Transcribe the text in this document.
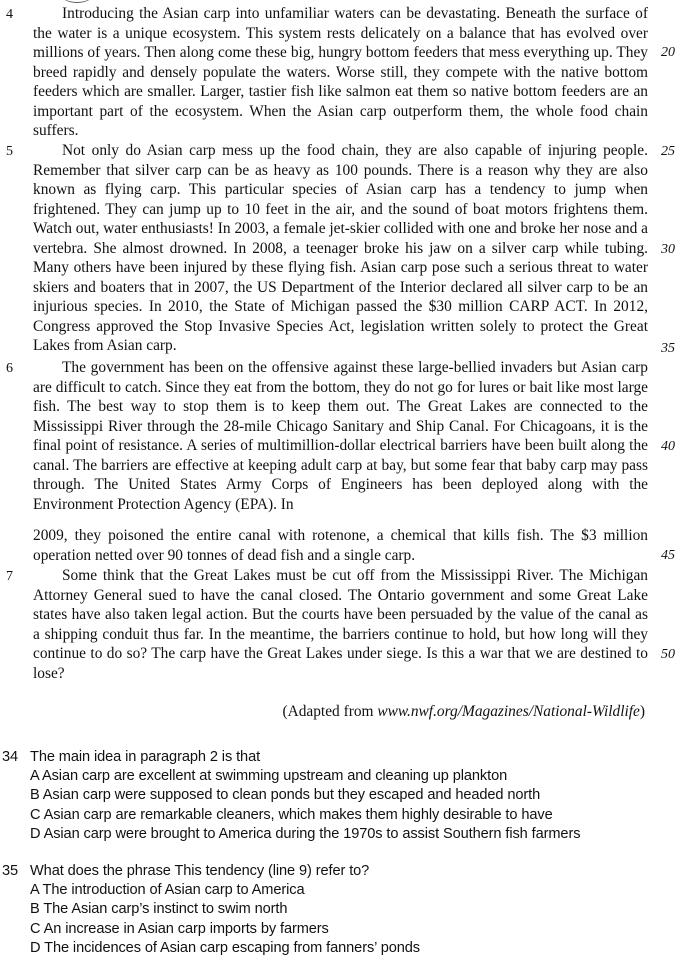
4	Introducing the Asian carp into unfamiliar waters can be devastating. Beneath the surface of the water is a unique ecosystem. This system rests delicately on a balance that has evolved over millions of years. Then along come these big, hungry bottom feeders that mess everything up. They breed rapidly and densely populate the waters. Worse still, they compete with the native bottom feeders which are smaller. Larger, tastier fish like salmon eat them so native bottom feeders are an important part of the ecosystem. When the Asian carp outperform them, the whole food chain suffers.

5	Not only do Asian carp mess up the food chain, they are also capable of injuring people. Remember that silver carp can be as heavy as 100 pounds. There is a reason why they are also known as flying carp. This particular species of Asian carp has a tendency to jump when frightened. They can jump up to 10 feet in the air, and the sound of boat motors frightens them. Watch out, water enthusiasts! In 2003, a female jet-skier collided with one and broke her nose and a vertebra. She almost drowned. In 2008, a teenager broke his jaw on a silver carp while tubing. Many others have been injured by these flying fish. Asian carp pose such a serious threat to water skiers and boaters that in 2007, the US Department of the Interior declared all silver carp to be an injurious species. In 2010, the State of Michigan passed the $30 million CARP ACT. In 2012, Congress approved the Stop Invasive Species Act, legislation written solely to protect the Great Lakes from Asian carp.

6	The government has been on the offensive against these large-bellied invaders but Asian carp are difficult to catch. Since they eat from the bottom, they do not go for lures or bait like most large fish. The best way to stop them is to keep them out. The Great Lakes are connected to the Mississippi River through the 28-mile Chicago Sanitary and Ship Canal. For Chicagoans, it is the final point of resistance. A series of multimillion-dollar electrical barriers have been built along the canal. The barriers are effective at keeping adult carp at bay, but some fear that baby carp may pass through. The United States Army Corps of Engineers has been deployed along with the Environment Protection Agency (EPA). In

2009, they poisoned the entire canal with rotenone, a chemical that kills fish. The $3 million operation netted over 90 tonnes of dead fish and a single carp.

7	Some think that the Great Lakes must be cut off from the Mississippi River. The Michigan Attorney General sued to have the canal closed. The Ontario government and some Great Lake states have also taken legal action. But the courts have been persuaded by the value of the canal as a shipping conduit thus far. In the meantime, the barriers continue to hold, but how long will they continue to do so? The carp have the Great Lakes under siege. Is this a war that we are destined to lose?

20
25
30
35
40
45
50
(Adapted from www.nwf.org/Magazines/National-Wildlife)
34 The main idea in paragraph 2 is that
A Asian carp are excellent at swimming upstream and cleaning up plankton
B Asian carp were supposed to clean ponds but they escaped and headed north
C Asian carp are remarkable cleaners, which makes them highly desirable to have
D Asian carp were brought to America during the 1970s to assist Southern fish farmers
35 What does the phrase This tendency (line 9) refer to?
A The introduction of Asian carp to America
B The Asian carp’s instinct to swim north
C An increase in Asian carp imports by farmers
D The incidences of Asian carp escaping from fanners’ ponds
